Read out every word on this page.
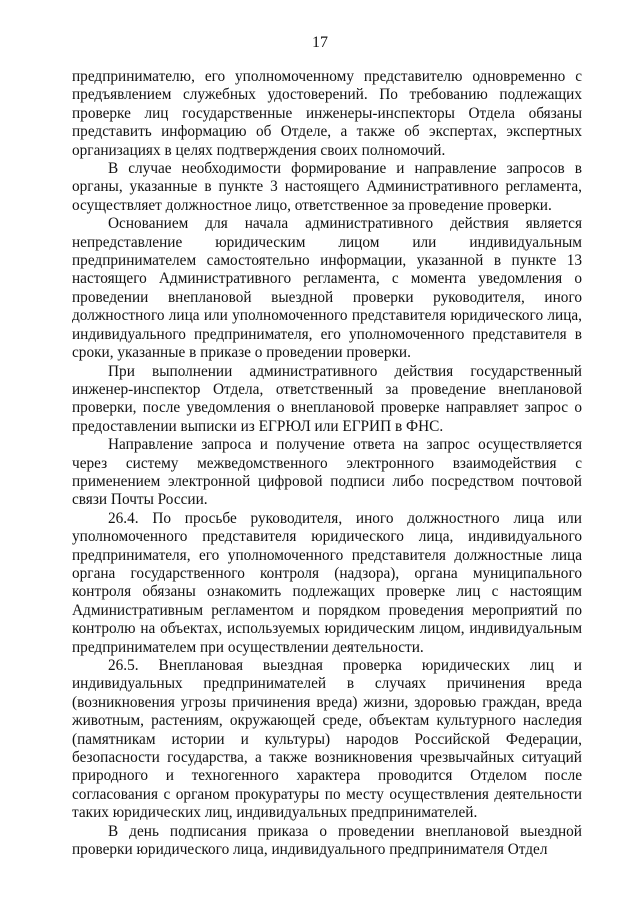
17

предпринимателю, его уполномоченному представителю одновременно с предъявлением служебных удостоверений. По требованию подлежащих проверке лиц государственные инженеры-инспекторы Отдела обязаны представить информацию об Отделе, а также об экспертах, экспертных организациях в целях подтверждения своих полномочий.

В случае необходимости формирование и направление запросов в органы, указанные в пункте 3 настоящего Административного регламента, осуществляет должностное лицо, ответственное за проведение проверки.

Основанием для начала административного действия является непредставление юридическим лицом или индивидуальным предпринимателем самостоятельно информации, указанной в пункте 13 настоящего Административного регламента, с момента уведомления о проведении внеплановой выездной проверки руководителя, иного должностного лица или уполномоченного представителя юридического лица, индивидуального предпринимателя, его уполномоченного представителя в сроки, указанные в приказе о проведении проверки.

При выполнении административного действия государственный инженер-инспектор Отдела, ответственный за проведение внеплановой проверки, после уведомления о внеплановой проверке направляет запрос о предоставлении выписки из ЕГРЮЛ или ЕГРИП в ФНС.

Направление запроса и получение ответа на запрос осуществляется через систему межведомственного электронного взаимодействия с применением электронной цифровой подписи либо посредством почтовой связи Почты России.

26.4. По просьбе руководителя, иного должностного лица или уполномоченного представителя юридического лица, индивидуального предпринимателя, его уполномоченного представителя должностные лица органа государственного контроля (надзора), органа муниципального контроля обязаны ознакомить подлежащих проверке лиц с настоящим Административным регламентом и порядком проведения мероприятий по контролю на объектах, используемых юридическим лицом, индивидуальным предпринимателем при осуществлении деятельности.

26.5. Внеплановая выездная проверка юридических лиц и индивидуальных предпринимателей в случаях причинения вреда (возникновения угрозы причинения вреда) жизни, здоровью граждан, вреда животным, растениям, окружающей среде, объектам культурного наследия (памятникам истории и культуры) народов Российской Федерации, безопасности государства, а также возникновения чрезвычайных ситуаций природного и техногенного характера проводится Отделом после согласования с органом прокуратуры по месту осуществления деятельности таких юридических лиц, индивидуальных предпринимателей.

В день подписания приказа о проведении внеплановой выездной проверки юридического лица, индивидуального предпринимателя Отдел
